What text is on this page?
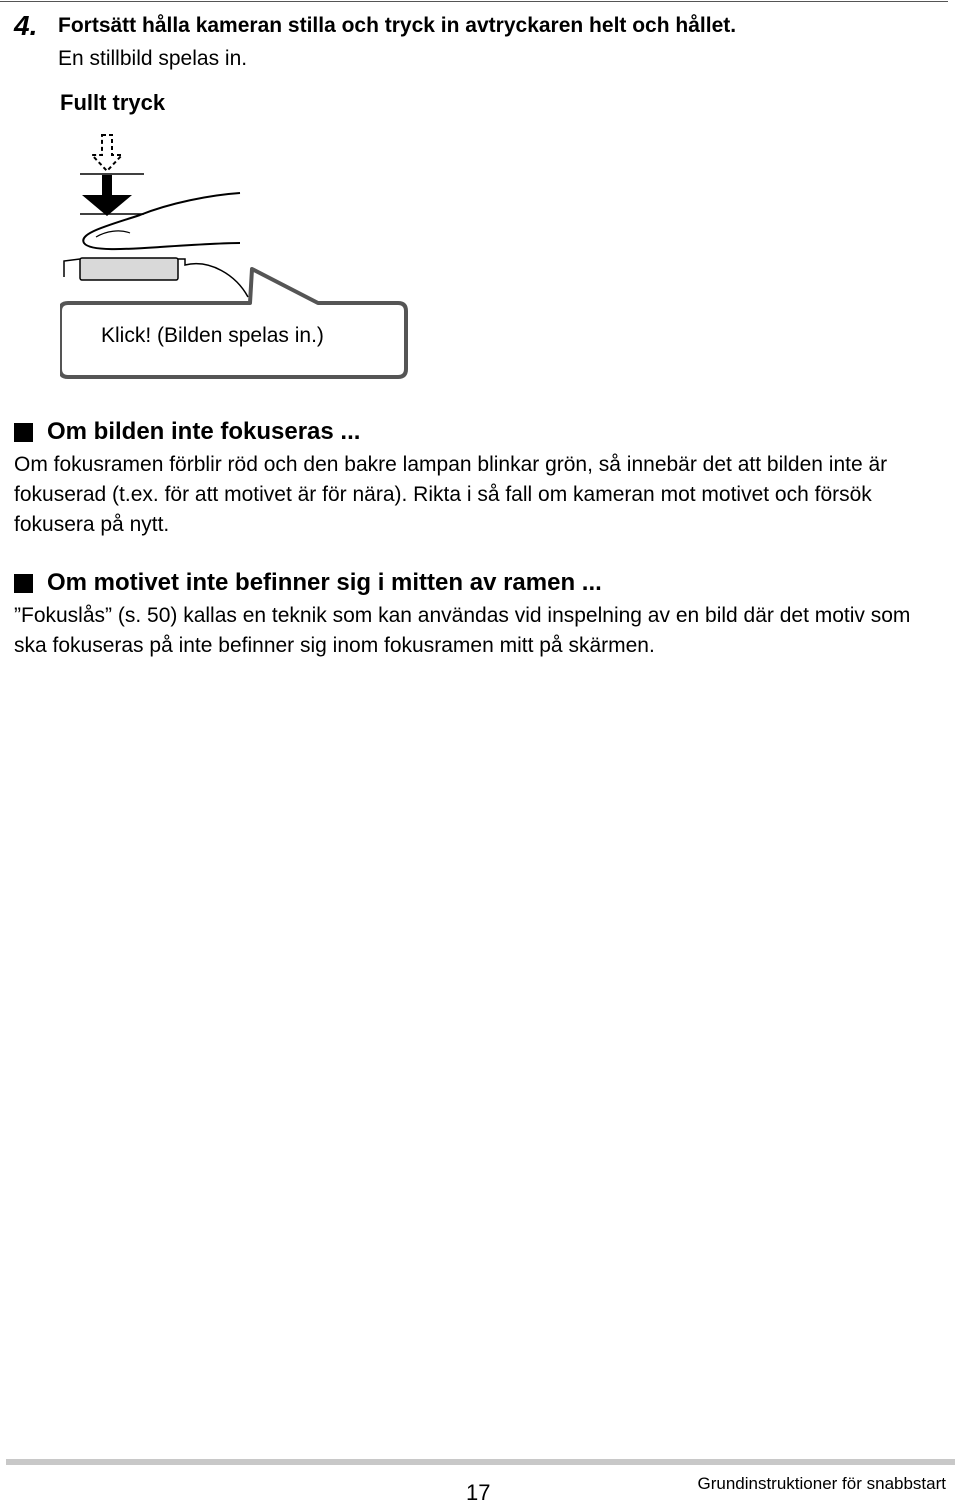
4. Fortsätt hålla kameran stilla och tryck in avtryckaren helt och hållet.
En stillbild spelas in.
Fullt tryck
Klick! (Bilden spelas in.)
Om bilden inte fokuseras ...
Om fokusramen förblir röd och den bakre lampan blinkar grön, så innebär det att bilden inte är fokuserad (t.ex. för att motivet är för nära). Rikta i så fall om kameran mot motivet och försök fokusera på nytt.
Om motivet inte befinner sig i mitten av ramen ...
”Fokuslås” (s. 50) kallas en teknik som kan användas vid inspelning av en bild där det motiv som ska fokuseras på inte befinner sig inom fokusramen mitt på skärmen.
17	Grundinstruktioner för snabbstart
